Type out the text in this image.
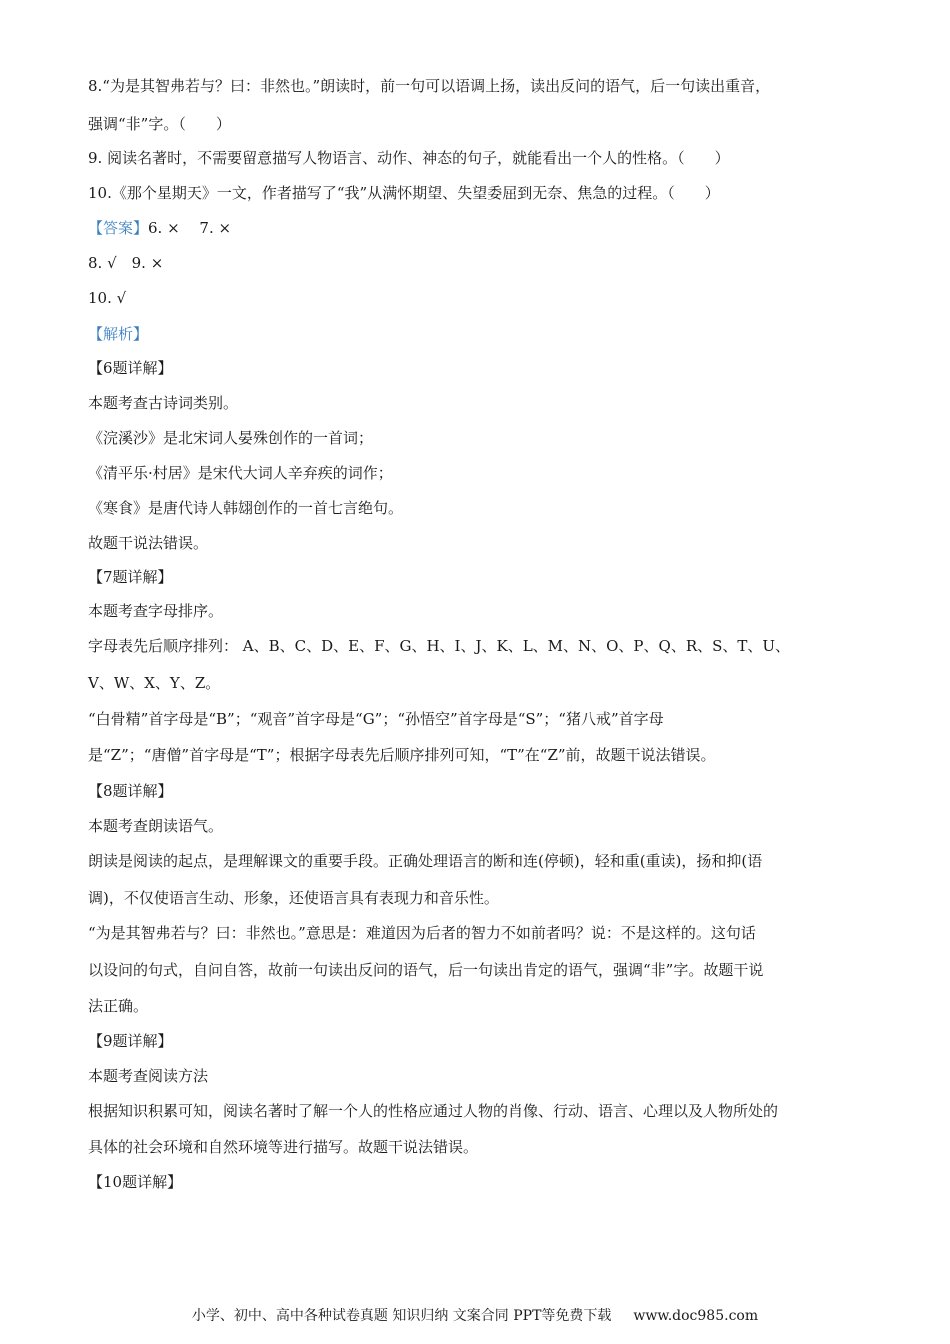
8.“为是其智弗若与？曰：非然也。”朗读时，前一句可以语调上扬，读出反问的语气，后一句读出重音，

强调“非”字。（　　）

9. 阅读名著时，不需要留意描写人物语言、动作、神态的句子，就能看出一个人的性格。（　　）

10.《那个星期天》一文，作者描写了“我”从满怀期望、失望委屈到无奈、焦急的过程。（　　）

【答案】6. ×　 7. ×

8. √　9. ×

10. √

【解析】

【6题详解】

本题考查古诗词类别。

《浣溪沙》是北宋词人晏殊创作的一首词；

《清平乐·村居》是宋代大词人辛弃疾的词作；

《寒食》是唐代诗人韩翃创作的一首七言绝句。

故题干说法错误。

【7题详解】

本题考查字母排序。

字母表先后顺序排列： A、B、C、D、E、F、G、H、I、J、K、L、M、N、O、P、Q、R、S、T、U、

V、W、X、Y、Z。

“白骨精”首字母是“B”；“观音”首字母是“G”；“孙悟空”首字母是“S”；“猪八戒”首字母

是“Z”；“唐僧”首字母是“T”；根据字母表先后顺序排列可知，“T”在“Z”前，故题干说法错误。

【8题详解】

本题考查朗读语气。

朗读是阅读的起点，是理解课文的重要手段。正确处理语言的断和连(停顿)，轻和重(重读)，扬和抑(语

调)，不仅使语言生动、形象，还使语言具有表现力和音乐性。

“为是其智弗若与？曰：非然也。”意思是：难道因为后者的智力不如前者吗？说：不是这样的。这句话

以设问的句式，自问自答，故前一句读出反问的语气，后一句读出肯定的语气，强调“非”字。故题干说

法正确。

【9题详解】

本题考查阅读方法

根据知识积累可知，阅读名著时了解一个人的性格应通过人物的肖像、行动、语言、心理以及人物所处的

具体的社会环境和自然环境等进行描写。故题干说法错误。

【10题详解】

小学、初中、高中各种试卷真题 知识归纳 文案合同 PPT等免费下载 www.doc985.com
